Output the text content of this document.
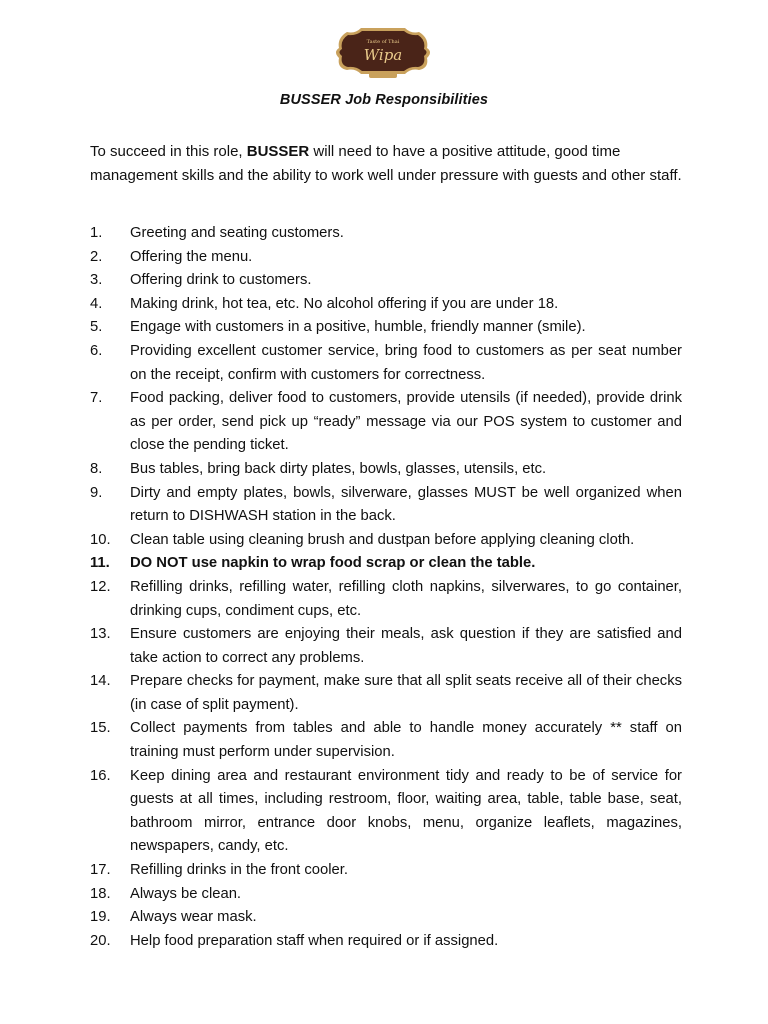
Taste of Thai
Wipa
BUSSER Job Responsibilities

To succeed in this role, BUSSER will need to have a positive attitude, good time management skills and the ability to work well under pressure with guests and other staff.

1. Greeting and seating customers.
2. Offering the menu.
3. Offering drink to customers.
4. Making drink, hot tea, etc. No alcohol offering if you are under 18.
5. Engage with customers in a positive, humble, friendly manner (smile).
6. Providing excellent customer service, bring food to customers as per seat number on the receipt, confirm with customers for correctness.
7. Food packing, deliver food to customers, provide utensils (if needed), provide drink as per order, send pick up “ready” message via our POS system to customer and close the pending ticket.
8. Bus tables, bring back dirty plates, bowls, glasses, utensils, etc.
9. Dirty and empty plates, bowls, silverware, glasses MUST be well organized when return to DISHWASH station in the back.
10. Clean table using cleaning brush and dustpan before applying cleaning cloth.
11. DO NOT use napkin to wrap food scrap or clean the table.
12. Refilling drinks, refilling water, refilling cloth napkins, silverwares, to go container, drinking cups, condiment cups, etc.
13. Ensure customers are enjoying their meals, ask question if they are satisfied and take action to correct any problems.
14. Prepare checks for payment, make sure that all split seats receive all of their checks (in case of split payment).
15. Collect payments from tables and able to handle money accurately ** staff on training must perform under supervision.
16. Keep dining area and restaurant environment tidy and ready to be of service for guests at all times, including restroom, floor, waiting area, table, table base, seat, bathroom mirror, entrance door knobs, menu, organize leaflets, magazines, newspapers, candy, etc.
17. Refilling drinks in the front cooler.
18. Always be clean.
19. Always wear mask.
20. Help food preparation staff when required or if assigned.
